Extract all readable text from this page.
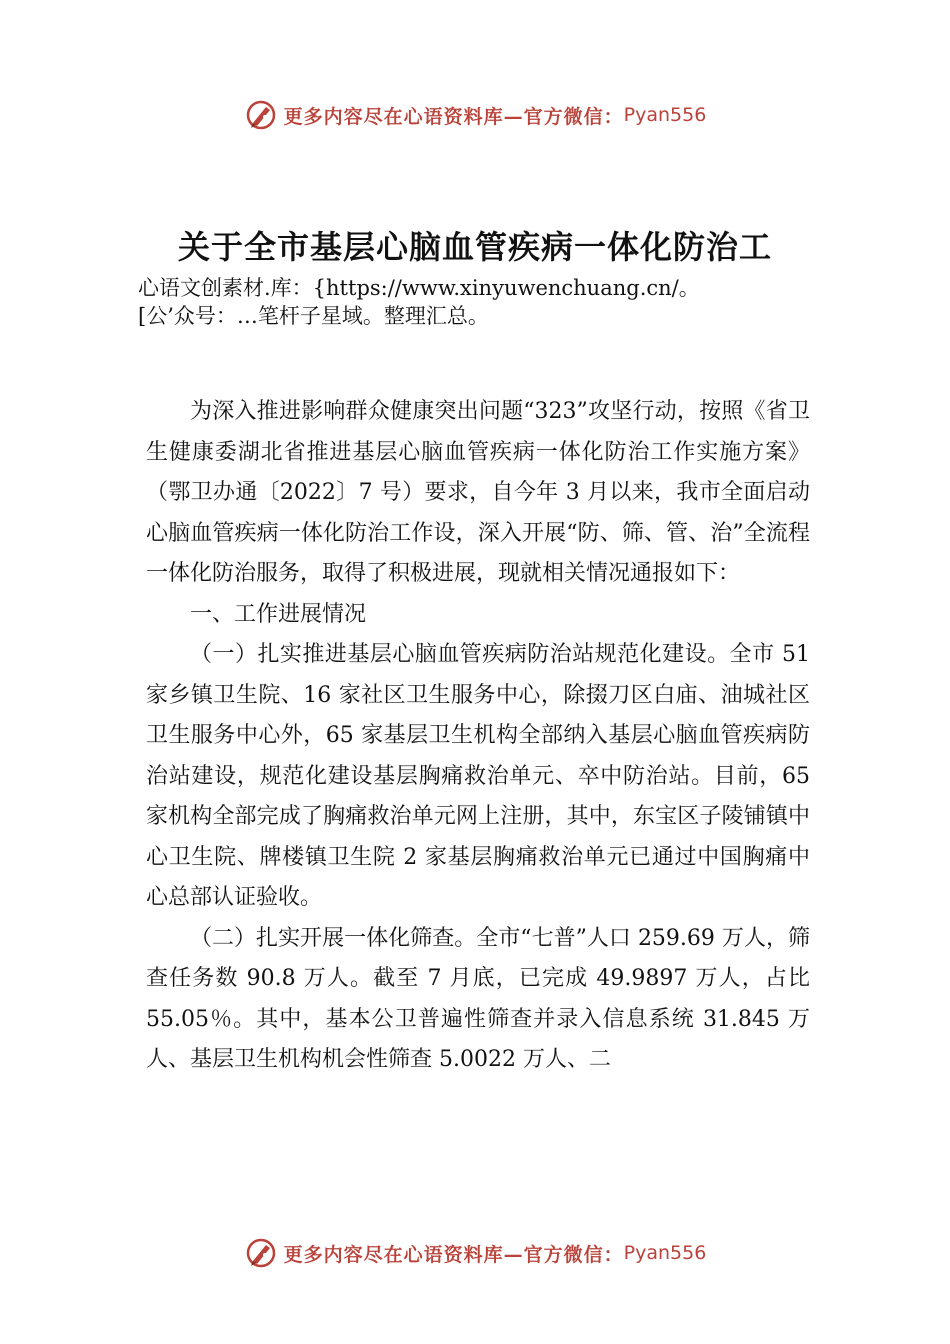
更多内容尽在心语资料库—官方微信： Pyan556
关于全市基层心脑血管疾病一体化防治工
心语文创素材.库：{https://www.xinyuwenchuang.cn/。
[公’众号：…笔杆子星域。整理汇总。

为深入推进影响群众健康突出问题“323”攻坚行动，按照《省卫生健康委湖北省推进基层心脑血管疾病一体化防治工作实施方案》（鄂卫办通〔2022〕7 号）要求，自今年 3 月以来，我市全面启动心脑血管疾病一体化防治工作设，深入开展“防、筛、管、治”全流程一体化防治服务，取得了积极进展，现就相关情况通报如下：

一、工作进展情况

（一）扎实推进基层心脑血管疾病防治站规范化建设。全市 51 家乡镇卫生院、16 家社区卫生服务中心，除掇刀区白庙、油城社区卫生服务中心外，65 家基层卫生机构全部纳入基层心脑血管疾病防治站建设，规范化建设基层胸痛救治单元、卒中防治站。目前，65 家机构全部完成了胸痛救治单元网上注册，其中，东宝区子陵铺镇中心卫生院、牌楼镇卫生院 2 家基层胸痛救治单元已通过中国胸痛中心总部认证验收。

（二）扎实开展一体化筛查。全市“七普”人口 259.69 万人，筛查任务数 90.8 万人。截至 7 月底，已完成 49.9897 万人，占比 55.05％。其中，基本公卫普遍性筛查并录入信息系统 31.845 万人、基层卫生机构机会性筛查 5.0022 万人、二

更多内容尽在心语资料库—官方微信： Pyan556
